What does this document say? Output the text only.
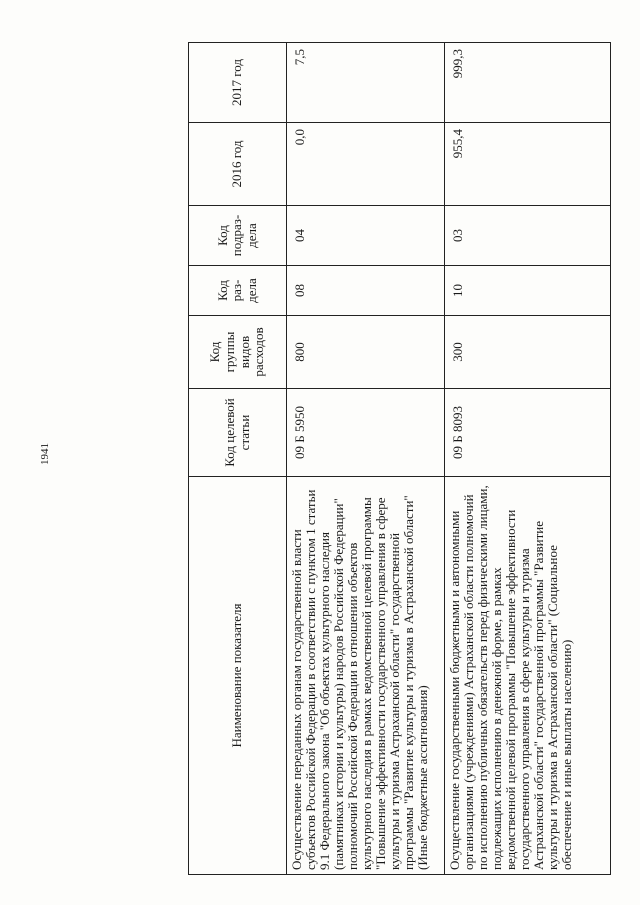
1941
Наименование показателя	Код целевой статьи	Код группы видов расходов	Код раз-дела	Код подраз-дела	2016 год	2017 год
Осуществление переданных органам государственной власти субъектов Российской Федерации в соответствии с пунктом 1 статьи 9.1 Федерального закона "Об объектах культурного наследия (памятниках истории и культуры) народов Российской Федерации" полномочий Российской Федерации в отношении объектов культурного наследия в рамках ведомственной целевой программы "Повышение эффективности государственного управления в сфере культуры и туризма Астраханской области" государственной программы "Развитие культуры и туризма в Астраханской области" (Иные бюджетные ассигнования)	09 Б 5950	800	08	04	0,0	7,5
Осуществление государственными бюджетными и автономными организациями (учреждениями) Астраханской области полномочий по исполнению публичных обязательств перед физическими лицами, подлежащих исполнению в денежной форме, в рамках ведомственной целевой программы "Повышение эффективности государственного управления в сфере культуры и туризма Астраханской области" государственной программы "Развитие культуры и туризма в Астраханской области" (Социальное обеспечение и иные выплаты населению)	09 Б 8093	300	10	03	955,4	999,3
